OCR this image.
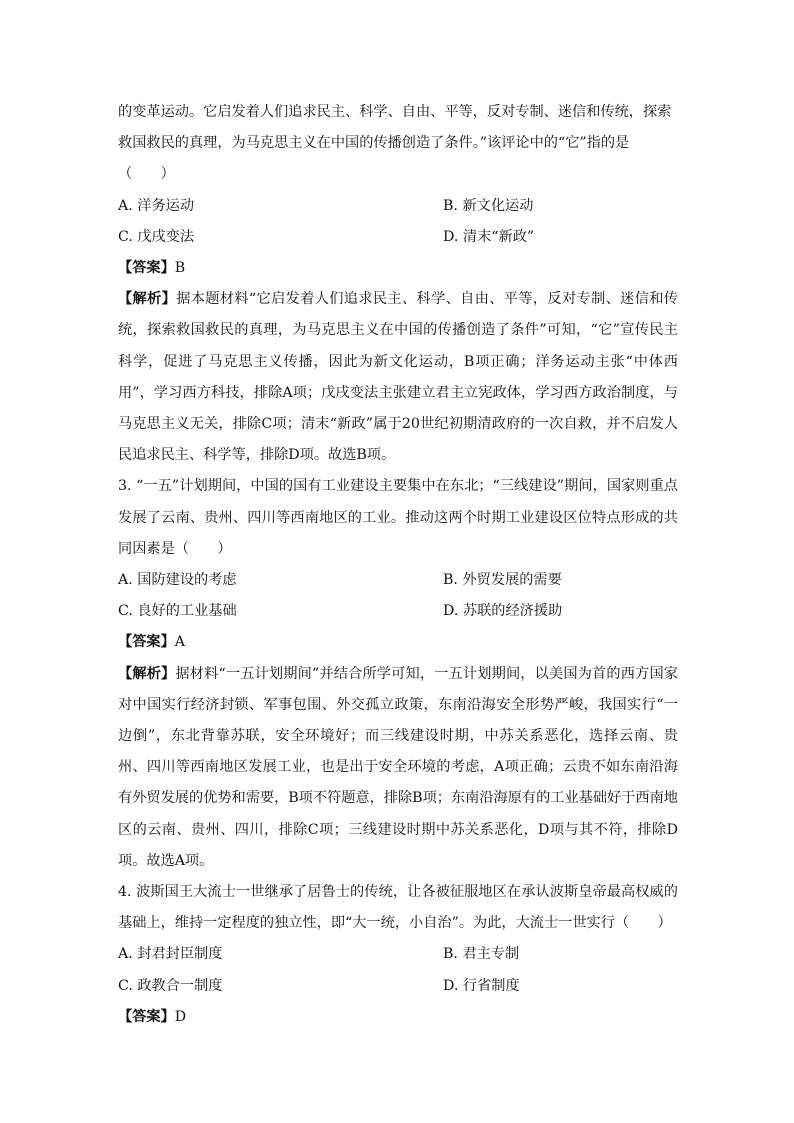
的变革运动。它启发着人们追求民主、科学、自由、平等，反对专制、迷信和传统，探索

救国救民的真理，为马克思主义在中国的传播创造了条件。”该评论中的“它”指的是

（　　）

A. 洋务运动	B. 新文化运动
C. 戊戌变法	D. 清末“新政”

【答案】B

【解析】据本题材料“它启发着人们追求民主、科学、自由、平等，反对专制、迷信和传统，探索救国救民的真理，为马克思主义在中国的传播创造了条件”可知，“它”宣传民主科学，促进了马克思主义传播，因此为新文化运动，B项正确；洋务运动主张“中体西用”，学习西方科技，排除A项；戊戌变法主张建立君主立宪政体，学习西方政治制度，与马克思主义无关，排除C项；清末“新政”属于20世纪初期清政府的一次自救，并不启发人民追求民主、科学等，排除D项。故选B项。

3. “一五”计划期间，中国的国有工业建设主要集中在东北；“三线建设”期间，国家则重点发展了云南、贵州、四川等西南地区的工业。推动这两个时期工业建设区位特点形成的共同因素是（　　）

A. 国防建设的考虑	B. 外贸发展的需要
C. 良好的工业基础	D. 苏联的经济援助

【答案】A

【解析】据材料“一五计划期间”并结合所学可知，一五计划期间，以美国为首的西方国家对中国实行经济封锁、军事包围、外交孤立政策，东南沿海安全形势严峻，我国实行“一边倒”，东北背靠苏联，安全环境好；而三线建设时期，中苏关系恶化，选择云南、贵州、四川等西南地区发展工业，也是出于安全环境的考虑，A项正确；云贵不如东南沿海有外贸发展的优势和需要，B项不符题意，排除B项；东南沿海原有的工业基础好于西南地区的云南、贵州、四川，排除C项；三线建设时期中苏关系恶化，D项与其不符，排除D项。故选A项。

4. 波斯国王大流士一世继承了居鲁士的传统，让各被征服地区在承认波斯皇帝最高权威的基础上，维持一定程度的独立性，即“大一统，小自治”。为此，大流士一世实行（　　）

A. 封君封臣制度	B. 君主专制
C. 政教合一制度	D. 行省制度

【答案】D
